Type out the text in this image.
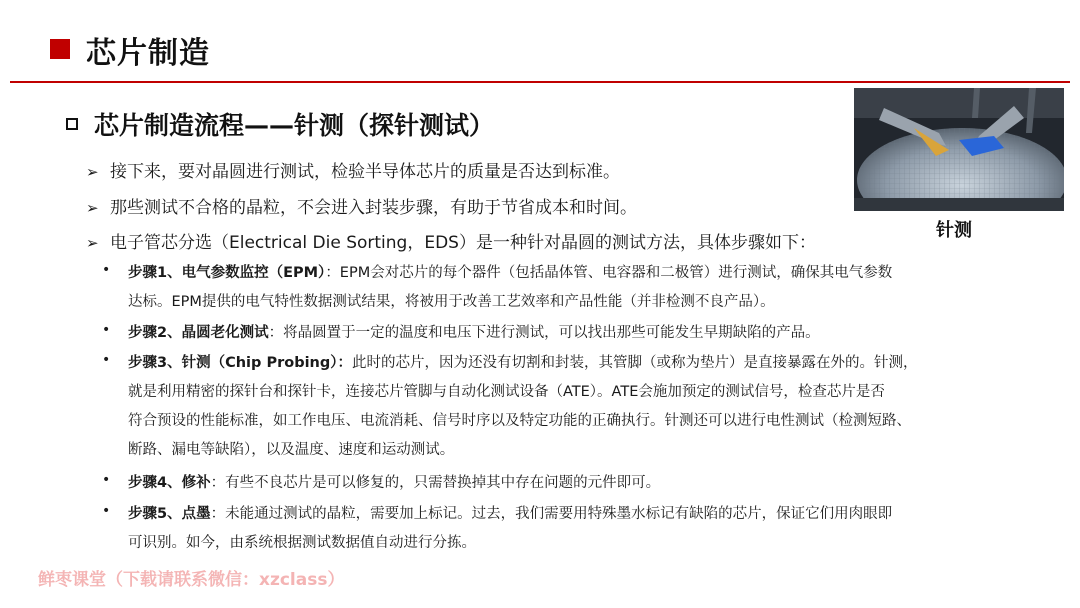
芯片制造
芯片制造流程——针测（探针测试）
针测
➢ 接下来，要对晶圆进行测试，检验半导体芯片的质量是否达到标准。
➢ 那些测试不合格的晶粒，不会进入封装步骤，有助于节省成本和时间。
➢ 电子管芯分选（Electrical Die Sorting，EDS）是一种针对晶圆的测试方法，具体步骤如下：
• 步骤1、电气参数监控（EPM）：EPM会对芯片的每个器件（包括晶体管、电容器和二极管）进行测试，确保其电气参数
达标。EPM提供的电气特性数据测试结果，将被用于改善工艺效率和产品性能（并非检测不良产品）。
• 步骤2、晶圆老化测试：将晶圆置于一定的温度和电压下进行测试，可以找出那些可能发生早期缺陷的产品。
• 步骤3、针测（Chip Probing）：此时的芯片，因为还没有切割和封装，其管脚（或称为垫片）是直接暴露在外的。针测，
就是利用精密的探针台和探针卡，连接芯片管脚与自动化测试设备（ATE）。ATE会施加预定的测试信号，检查芯片是否
符合预设的性能标准，如工作电压、电流消耗、信号时序以及特定功能的正确执行。针测还可以进行电性测试（检测短路、
断路、漏电等缺陷），以及温度、速度和运动测试。
• 步骤4、修补：有些不良芯片是可以修复的，只需替换掉其中存在问题的元件即可。
• 步骤5、点墨：未能通过测试的晶粒，需要加上标记。过去，我们需要用特殊墨水标记有缺陷的芯片，保证它们用肉眼即
可识别。如今，由系统根据测试数据值自动进行分拣。
鲜枣课堂（下载请联系微信：xzclass）
